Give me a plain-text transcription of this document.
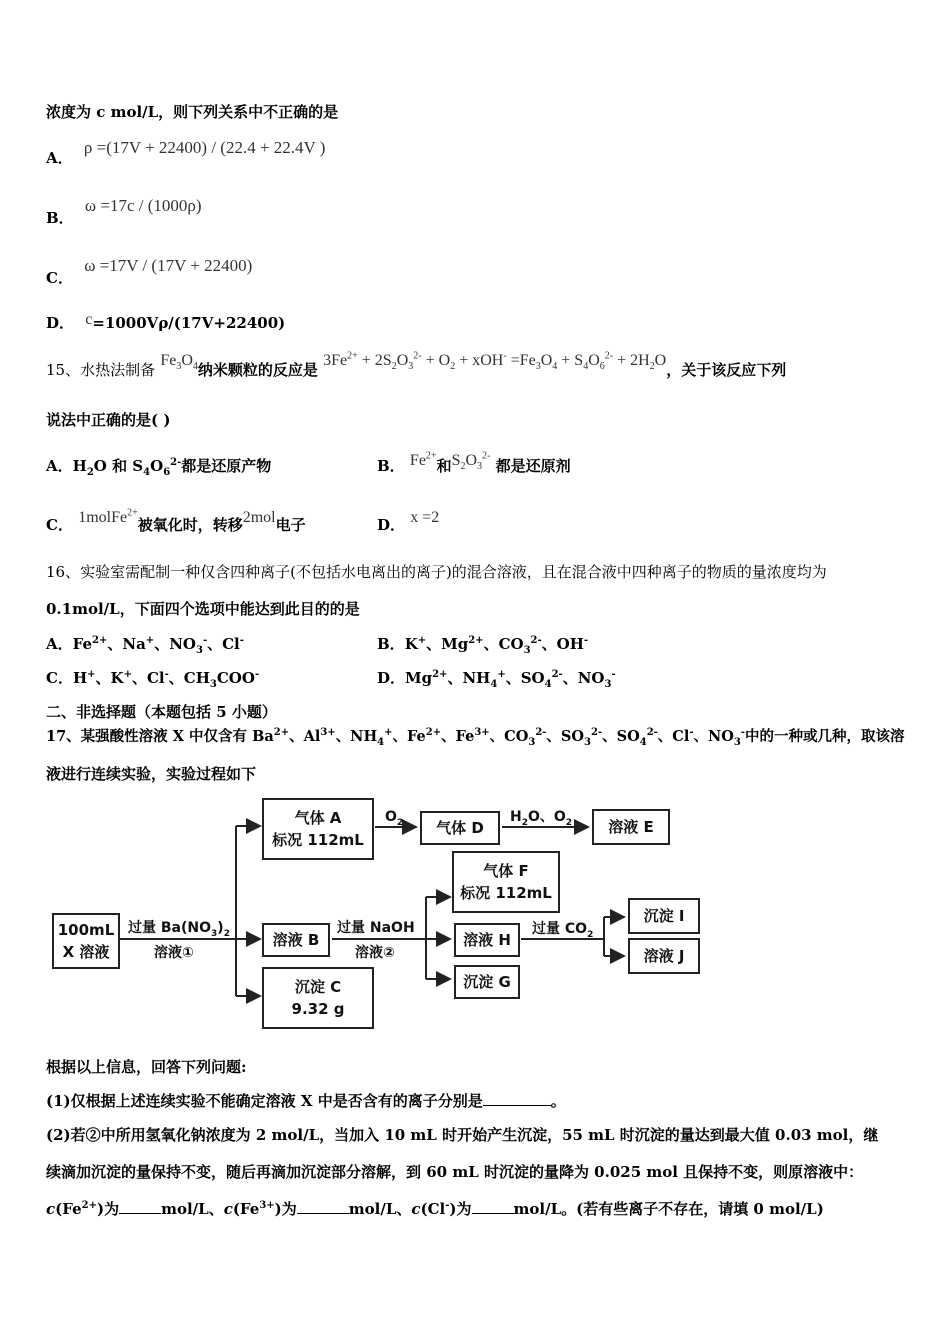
浓度为 c mol/L，则下列关系中不正确的是
A． ρ =(17V + 22400) / (22.4 + 22.4V )
B． ω =17c / (1000ρ)
C． ω =17V / (17V + 22400)
D． c=1000Vρ/(17V+22400)
15、水热法制备 $Fe_3O_4$纳米颗粒的反应是 $3Fe^{2+} + 2S_2O_3^{2-} + O_2 + xOH^- =Fe_3O_4 + S_4O_6^{2-} + 2H_2O$，关于该反应下列
说法中正确的是( )
A．$H_2O$ 和 $S_4O_6^{2-}$都是还原产物	B． $Fe^{2+}$和$S_2O_3^{2-}$ 都是还原剂
C． 1molFe$^{2+}$被氧化时，转移2mol电子	D． x =2
16、实验室需配制一种仅含四种离子(不包括水电离出的离子)的混合溶液，且在混合液中四种离子的物质的量浓度均为
0.1mol/L，下面四个选项中能达到此目的的是
A．$Fe^{2+}$、Na+、$NO_3^-$、Cl-	B．K+、$Mg^{2+}$、$CO_3^{2-}$、OH-
C．H+、K+、Cl-、$CH_3COO^-$	D．$Mg^{2+}$、$NH_4^+$、$SO_4^{2-}$、$NO_3^-$
二、非选择题（本题包括 5 小题）
17、某强酸性溶液 X 中仅含有 $Ba^{2+}$、$Al^{3+}$、$NH_4^+$、$Fe^{2+}$、$Fe^{3+}$、$CO_3^{2-}$、$SO_3^{2-}$、$SO_4^{2-}$、Cl-、$NO_3^-$中的一种或几种，取该溶
液进行连续实验，实验过程如下
100mL
X 溶液
过量 $Ba(NO_3)_2$
溶液①
气体 A
标况 112mL
$O_2$ 气体 D
$H_2O$、$O_2$ 溶液 E
溶液 B
过量 NaOH
溶液②
气体 F
标况 112mL
溶液 H
沉淀 G
过量 $CO_2$
沉淀 I
溶液 J
沉淀 C
9.32 g
根据以上信息，回答下列问题:
(1)仅根据上述连续实验不能确定溶液 X 中是否含有的离子分别是	。
(2)若②中所用氢氧化钠浓度为 2 mol/L，当加入 10 mL 时开始产生沉淀，55 mL 时沉淀的量达到最大值 0.03 mol，继
续滴加沉淀的量保持不变，随后再滴加沉淀部分溶解，到 60 mL 时沉淀的量降为 0.025 mol 且保持不变，则原溶液中：
$c(Fe^{2+})$为	mol/L、$c(Fe^{3+})$为	mol/L、c(Cl-)为	mol/L。(若有些离子不存在，请填 0 mol/L)
